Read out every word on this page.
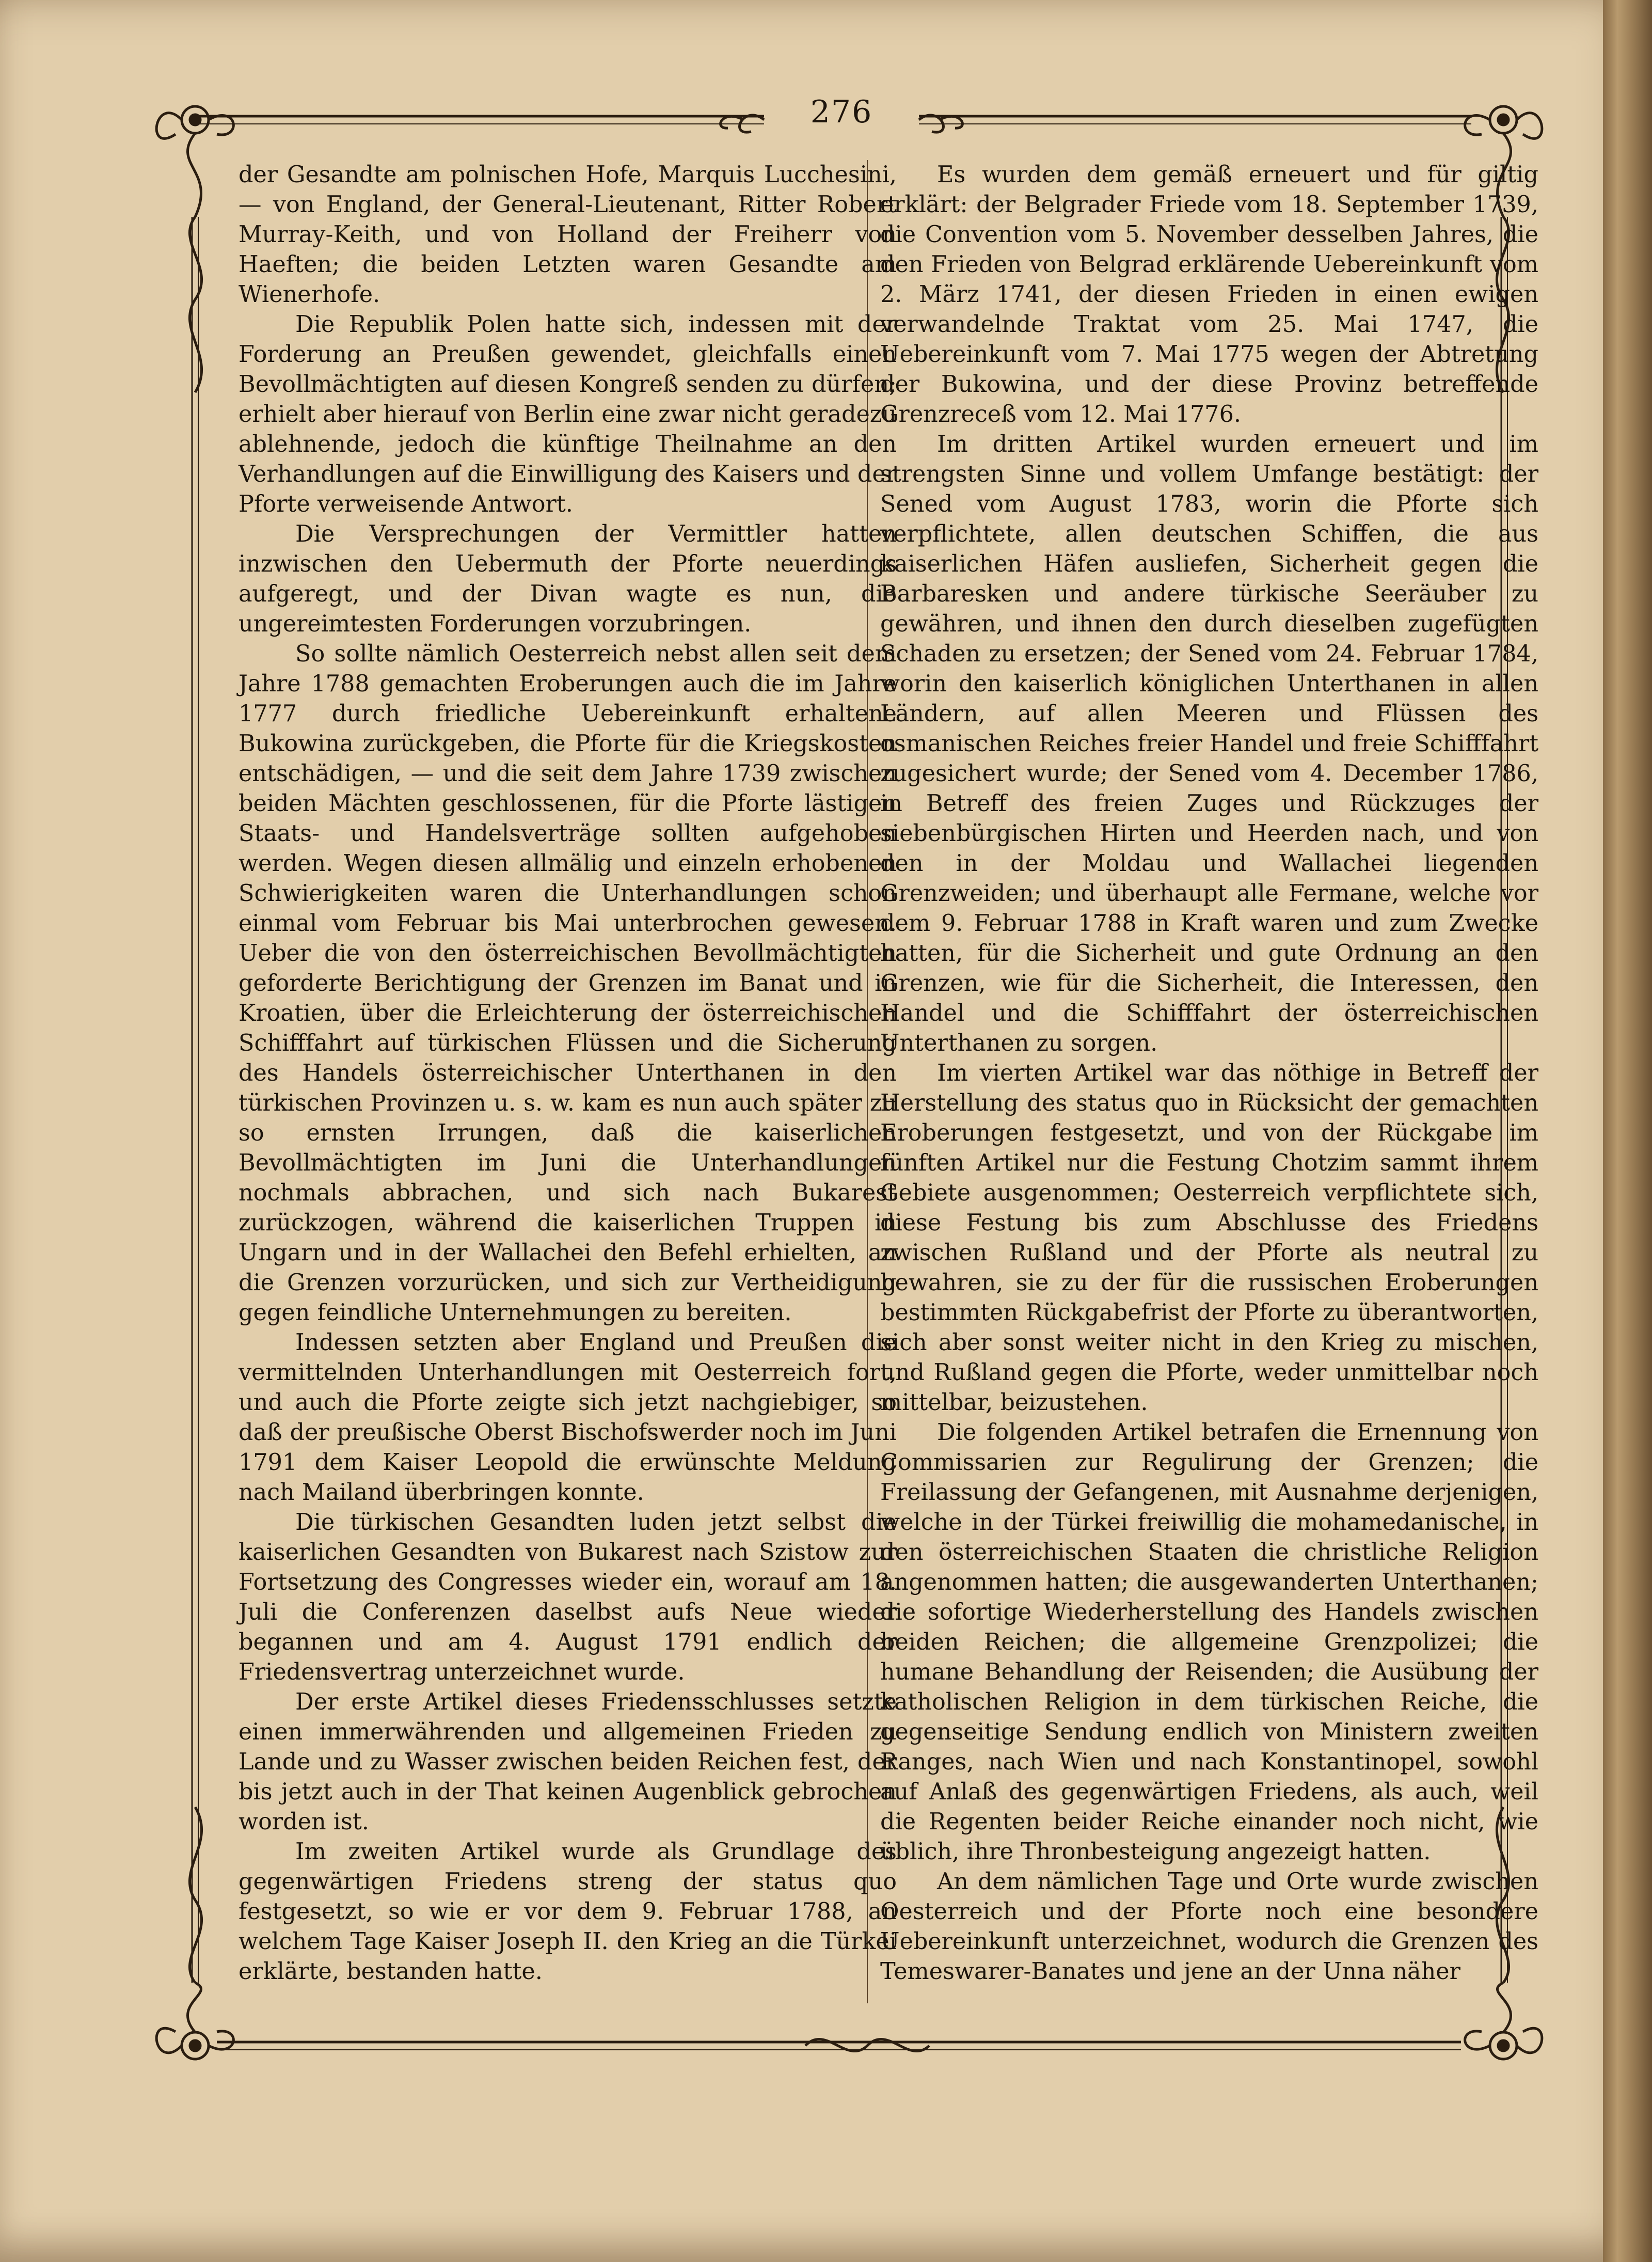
276

der Gesandte am polnischen Hofe, Marquis Lucchesini, — von England, der General-Lieutenant, Ritter Robert Murray-Keith, und von Holland der Freiherr von Haeften; die beiden Letzten waren Gesandte am Wienerhofe.

Die Republik Polen hatte sich, indessen mit der Forderung an Preußen gewendet, gleichfalls einen Bevollmächtigten auf diesen Kongreß senden zu dürfen; erhielt aber hierauf von Berlin eine zwar nicht geradezu ablehnende, jedoch die künftige Theilnahme an den Verhandlungen auf die Einwilligung des Kaisers und der Pforte verweisende Antwort.

Die Versprechungen der Vermittler hatten inzwischen den Uebermuth der Pforte neuerdings aufgeregt, und der Divan wagte es nun, die ungereimtesten Forderungen vorzubringen.

So sollte nämlich Oesterreich nebst allen seit dem Jahre 1788 gemachten Eroberungen auch die im Jahre 1777 durch friedliche Uebereinkunft erhaltene Bukowina zurückgeben, die Pforte für die Kriegskosten entschädigen, — und die seit dem Jahre 1739 zwischen beiden Mächten geschlossenen, für die Pforte lästigen Staats- und Handelsverträge sollten aufgehoben werden. Wegen diesen allmälig und einzeln erhobenen Schwierigkeiten waren die Unterhandlungen schon einmal vom Februar bis Mai unterbrochen gewesen. Ueber die von den österreichischen Bevollmächtigten geforderte Berichtigung der Grenzen im Banat und in Kroatien, über die Erleichterung der österreichischen Schifffahrt auf türkischen Flüssen und die Sicherung des Handels österreichischer Unterthanen in den türkischen Provinzen u. s. w. kam es nun auch später zu so ernsten Irrungen, daß die kaiserlichen Bevollmächtigten im Juni die Unterhandlungen nochmals abbrachen, und sich nach Bukarest zurückzogen, während die kaiserlichen Truppen in Ungarn und in der Wallachei den Befehl erhielten, an die Grenzen vorzurücken, und sich zur Vertheidigung gegen feindliche Unternehmungen zu bereiten.

Indessen setzten aber England und Preußen die vermittelnden Unterhandlungen mit Oesterreich fort, und auch die Pforte zeigte sich jetzt nachgiebiger, so daß der preußische Oberst Bischofswerder noch im Juni 1791 dem Kaiser Leopold die erwünschte Meldung nach Mailand überbringen konnte.

Die türkischen Gesandten luden jetzt selbst die kaiserlichen Gesandten von Bukarest nach Szistow zur Fortsetzung des Congresses wieder ein, worauf am 18. Juli die Conferenzen daselbst aufs Neue wieder begannen und am 4. August 1791 endlich der Friedensvertrag unterzeichnet wurde.

Der erste Artikel dieses Friedensschlusses setzte einen immerwährenden und allgemeinen Frieden zu Lande und zu Wasser zwischen beiden Reichen fest, der bis jetzt auch in der That keinen Augenblick gebrochen worden ist.

Im zweiten Artikel wurde als Grundlage des gegenwärtigen Friedens streng der status quo festgesetzt, so wie er vor dem 9. Februar 1788, an welchem Tage Kaiser Joseph II. den Krieg an die Türkei erklärte, bestanden hatte.

Es wurden dem gemäß erneuert und für giltig erklärt: der Belgrader Friede vom 18. September 1739, die Convention vom 5. November desselben Jahres, die den Frieden von Belgrad erklärende Uebereinkunft vom 2. März 1741, der diesen Frieden in einen ewigen verwandelnde Traktat vom 25. Mai 1747, die Uebereinkunft vom 7. Mai 1775 wegen der Abtretung der Bukowina, und der diese Provinz betreffende Grenzreceß vom 12. Mai 1776.

Im dritten Artikel wurden erneuert und im strengsten Sinne und vollem Umfange bestätigt: der Sened vom August 1783, worin die Pforte sich verpflichtete, allen deutschen Schiffen, die aus kaiserlichen Häfen ausliefen, Sicherheit gegen die Barbaresken und andere türkische Seeräuber zu gewähren, und ihnen den durch dieselben zugefügten Schaden zu ersetzen; der Sened vom 24. Februar 1784, worin den kaiserlich königlichen Unterthanen in allen Ländern, auf allen Meeren und Flüssen des osmanischen Reiches freier Handel und freie Schifffahrt zugesichert wurde; der Sened vom 4. December 1786, in Betreff des freien Zuges und Rückzuges der siebenbürgischen Hirten und Heerden nach, und von den in der Moldau und Wallachei liegenden Grenzweiden; und überhaupt alle Fermane, welche vor dem 9. Februar 1788 in Kraft waren und zum Zwecke hatten, für die Sicherheit und gute Ordnung an den Grenzen, wie für die Sicherheit, die Interessen, den Handel und die Schifffahrt der österreichischen Unterthanen zu sorgen.

Im vierten Artikel war das nöthige in Betreff der Herstellung des status quo in Rücksicht der gemachten Eroberungen festgesetzt, und von der Rückgabe im fünften Artikel nur die Festung Chotzim sammt ihrem Gebiete ausgenommen; Oesterreich verpflichtete sich, diese Festung bis zum Abschlusse des Friedens zwischen Rußland und der Pforte als neutral zu bewahren, sie zu der für die russischen Eroberungen bestimmten Rückgabefrist der Pforte zu überantworten, sich aber sonst weiter nicht in den Krieg zu mischen, und Rußland gegen die Pforte, weder unmittelbar noch mittelbar, beizustehen.

Die folgenden Artikel betrafen die Ernennung von Commissarien zur Regulirung der Grenzen; die Freilassung der Gefangenen, mit Ausnahme derjenigen, welche in der Türkei freiwillig die mohamedanische, in den österreichischen Staaten die christliche Religion angenommen hatten; die ausgewanderten Unterthanen; die sofortige Wiederherstellung des Handels zwischen beiden Reichen; die allgemeine Grenzpolizei; die humane Behandlung der Reisenden; die Ausübung der katholischen Religion in dem türkischen Reiche, die gegenseitige Sendung endlich von Ministern zweiten Ranges, nach Wien und nach Konstantinopel, sowohl auf Anlaß des gegenwärtigen Friedens, als auch, weil die Regenten beider Reiche einander noch nicht, wie üblich, ihre Thronbesteigung angezeigt hatten.

An dem nämlichen Tage und Orte wurde zwischen Oesterreich und der Pforte noch eine besondere Uebereinkunft unterzeichnet, wodurch die Grenzen des Temeswarer-Banates und jene an der Unna näher
